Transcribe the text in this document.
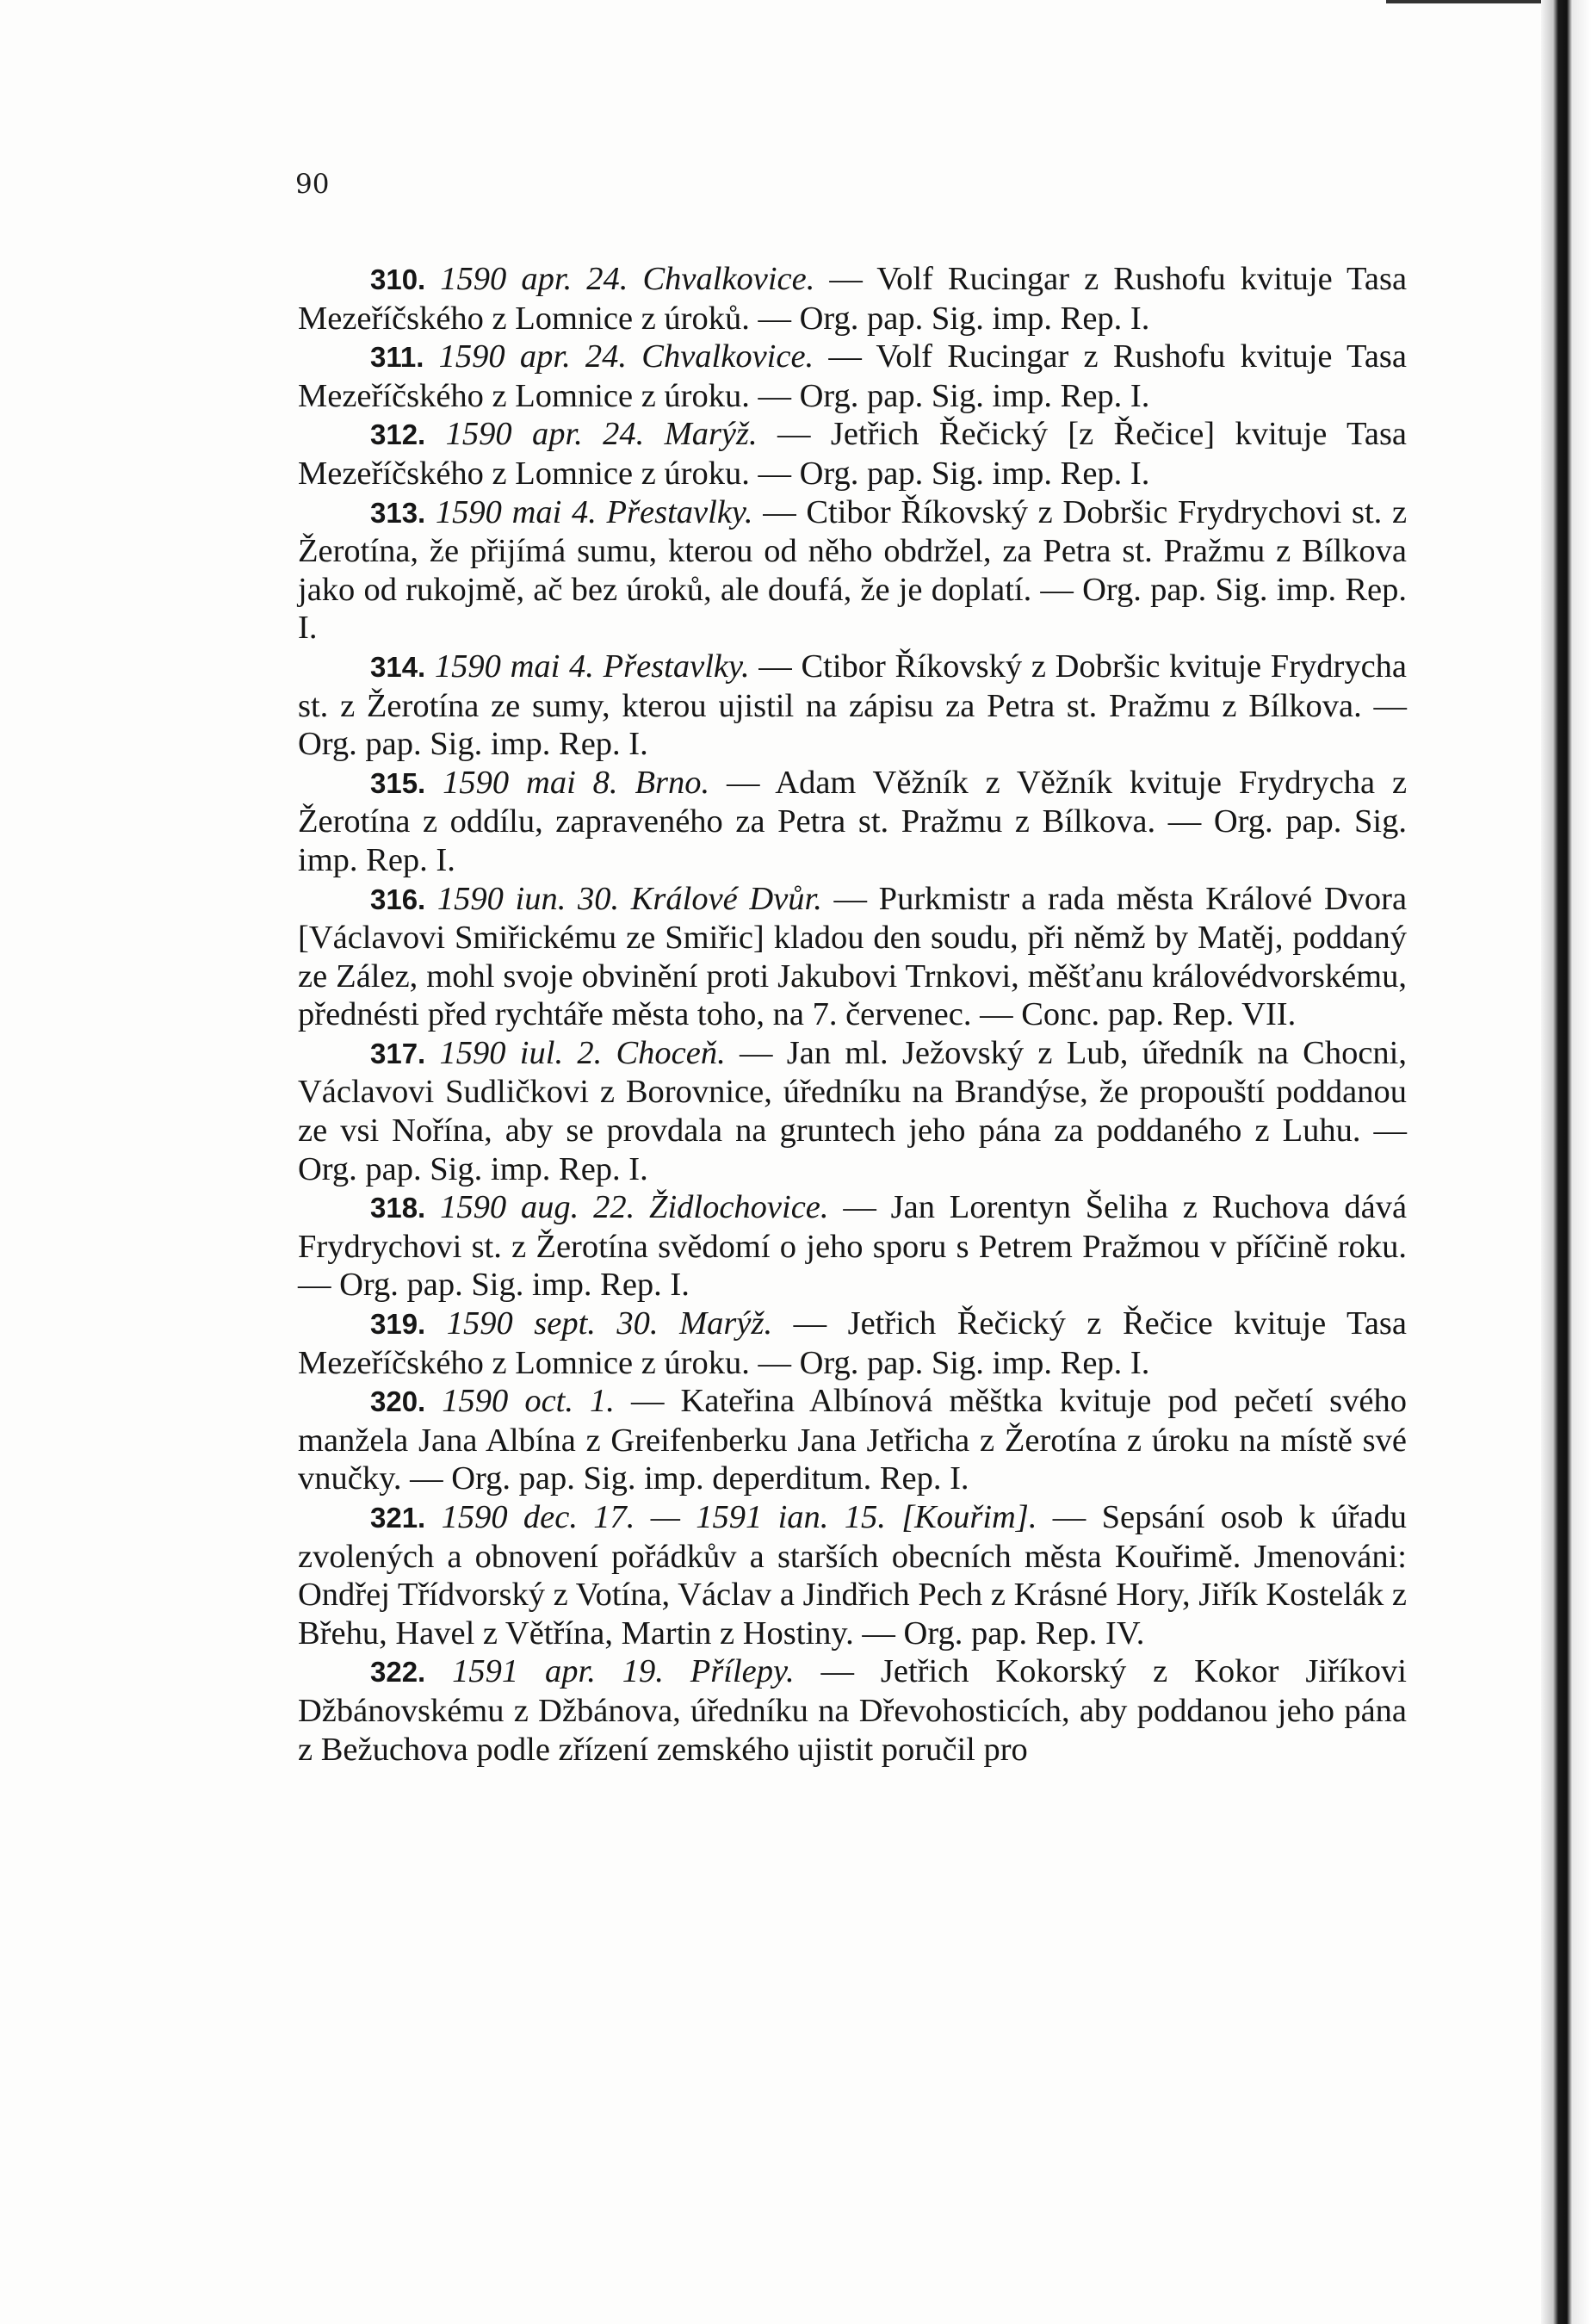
90

310. 1590 apr. 24. Chvalkovice. — Volf Rucingar z Rushofu kvituje Tasa Mezeříčského z Lomnice z úroků. — Org. pap. Sig. imp. Rep. I.

311. 1590 apr. 24. Chvalkovice. — Volf Rucingar z Rushofu kvituje Tasa Mezeříčského z Lomnice z úroku. — Org. pap. Sig. imp. Rep. I.

312. 1590 apr. 24. Marýž. — Jetřich Řečický [z Řečice] kvituje Tasa Mezeříčského z Lomnice z úroku. — Org. pap. Sig. imp. Rep. I.

313. 1590 mai 4. Přestavlky. — Ctibor Říkovský z Dobršic Frydrychovi st. z Žerotína, že přijímá sumu, kterou od něho obdržel, za Petra st. Pražmu z Bílkova jako od rukojmě, ač bez úroků, ale doufá, že je doplatí. — Org. pap. Sig. imp. Rep. I.

314. 1590 mai 4. Přestavlky. — Ctibor Říkovský z Dobršic kvituje Frydrycha st. z Žerotína ze sumy, kterou ujistil na zápisu za Petra st. Pražmu z Bílkova. — Org. pap. Sig. imp. Rep. I.

315. 1590 mai 8. Brno. — Adam Věžník z Věžník kvituje Frydrycha z Žerotína z oddílu, zapraveného za Petra st. Pražmu z Bílkova. — Org. pap. Sig. imp. Rep. I.

316. 1590 iun. 30. Králové Dvůr. — Purkmistr a rada města Králové Dvora [Václavovi Smiřickému ze Smiřic] kladou den soudu, při němž by Matěj, poddaný ze Zález, mohl svoje obvinění proti Jakubovi Trnkovi, měšťanu královédvorskému, přednésti před rychtáře města toho, na 7. červenec. — Conc. pap. Rep. VII.

317. 1590 iul. 2. Choceň. — Jan ml. Ježovský z Lub, úředník na Chocni, Václavovi Sudličkovi z Borovnice, úředníku na Brandýse, že propouští poddanou ze vsi Nořína, aby se provdala na gruntech jeho pána za poddaného z Luhu. — Org. pap. Sig. imp. Rep. I.

318. 1590 aug. 22. Židlochovice. — Jan Lorentyn Šeliha z Ruchova dává Frydrychovi st. z Žerotína svědomí o jeho sporu s Petrem Pražmou v příčině roku. — Org. pap. Sig. imp. Rep. I.

319. 1590 sept. 30. Marýž. — Jetřich Řečický z Řečice kvituje Tasa Mezeříčského z Lomnice z úroku. — Org. pap. Sig. imp. Rep. I.

320. 1590 oct. 1. — Kateřina Albínová měštka kvituje pod pečetí svého manžela Jana Albína z Greifenberku Jana Jetřicha z Žerotína z úroku na místě své vnučky. — Org. pap. Sig. imp. deperditum. Rep. I.

321. 1590 dec. 17. — 1591 ian. 15. [Kouřim]. — Sepsání osob k úřadu zvolených a obnovení pořádkův a starších obecních města Kouřimě. Jmenováni: Ondřej Třídvorský z Votína, Václav a Jindřich Pech z Krásné Hory, Jiřík Kostelák z Břehu, Havel z Větřína, Martin z Hostiny. — Org. pap. Rep. IV.

322. 1591 apr. 19. Přílepy. — Jetřich Kokorský z Kokor Jiříkovi Džbánovskému z Džbánova, úředníku na Dřevohosticích, aby poddanou jeho pána z Bežuchova podle zřízení zemského ujistit poručil pro
